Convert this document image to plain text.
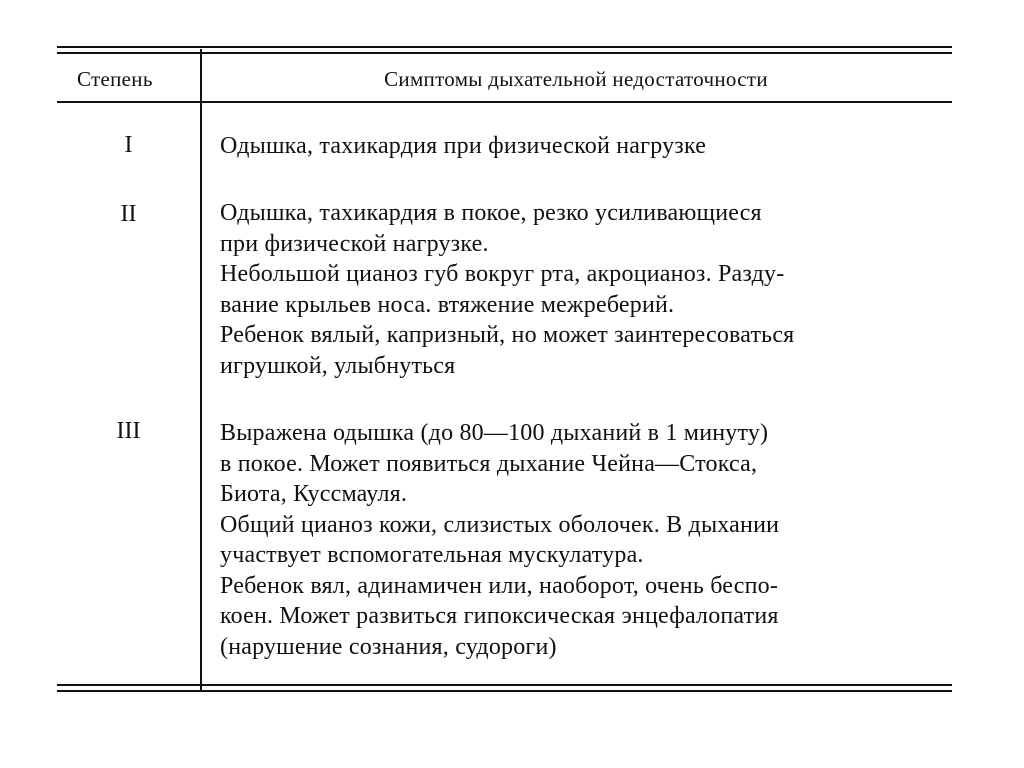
Степень	Симптомы дыхательной недостаточности
I	Одышка, тахикардия при физической нагрузке
II	Одышка, тахикардия в покое, резко усиливающиеся
при физической нагрузке.
Небольшой цианоз губ вокруг рта, акроцианоз. Разду-
вание крыльев носа. втяжение межреберий.
Ребенок вялый, капризный, но может заинтересоваться
игрушкой, улыбнуться
III	Выражена одышка (до 80—100 дыханий в 1 минуту)
в покое. Может появиться дыхание Чейна—Стокса,
Биота, Куссмауля.
Общий цианоз кожи, слизистых оболочек. В дыхании
участвует вспомогательная мускулатура.
Ребенок вял, адинамичен или, наоборот, очень беспо-
коен. Может развиться гипоксическая энцефалопатия
(нарушение сознания, судороги)
